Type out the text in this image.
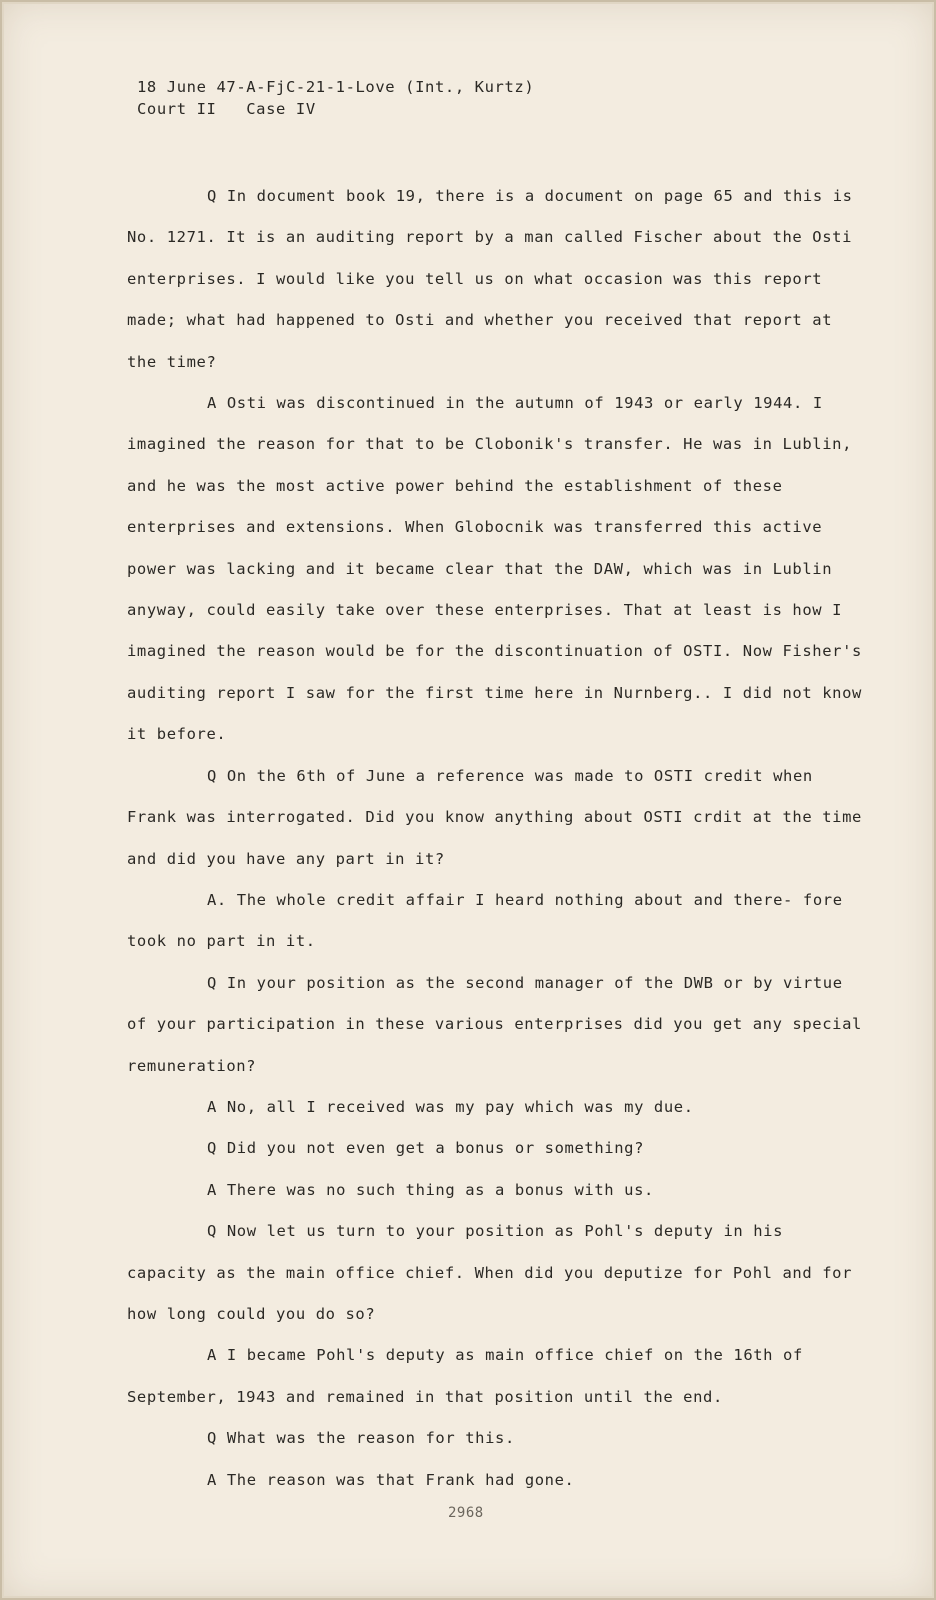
18 June 47-A-FjC-21-1-Love (Int., Kurtz)
Court II   Case IV

Q In document book 19, there is a document on page 65 and this is No. 1271. It is an auditing report by a man called Fischer about the Osti enterprises. I would like you tell us on what occasion was this report made; what had happened to Osti and whether you received that report at the time?

A Osti was discontinued in the autumn of 1943 or early 1944. I imagined the reason for that to be Clobonik's transfer. He was in Lublin, and he was the most active power behind the establishment of these enterprises and extensions. When Globocnik was transferred this active power was lacking and it became clear that the DAW, which was in Lublin anyway, could easily take over these enterprises. That at least is how I imagined the reason would be for the discontinuation of OSTI. Now Fisher's auditing report I saw for the first time here in Nurnberg.. I did not know it before.

Q On the 6th of June a reference was made to OSTI credit when Frank was interrogated. Did you know anything about OSTI crdit at the time and did you have any part in it?

A. The whole credit affair I heard nothing about and there- fore took no part in it.

Q In your position as the second manager of the DWB or by virtue of your participation in these various enterprises did you get any special remuneration?

A No, all I received was my pay which was my due.

Q Did you not even get a bonus or something?

A There was no such thing as a bonus with us.

Q Now let us turn to your position as Pohl's deputy in his capacity as the main office chief. When did you deputize for Pohl and for how long could you do so?

A I became Pohl's deputy as main office chief on the 16th of September, 1943 and remained in that position until the end.

Q What was the reason for this.

A The reason was that Frank had gone.

2968
